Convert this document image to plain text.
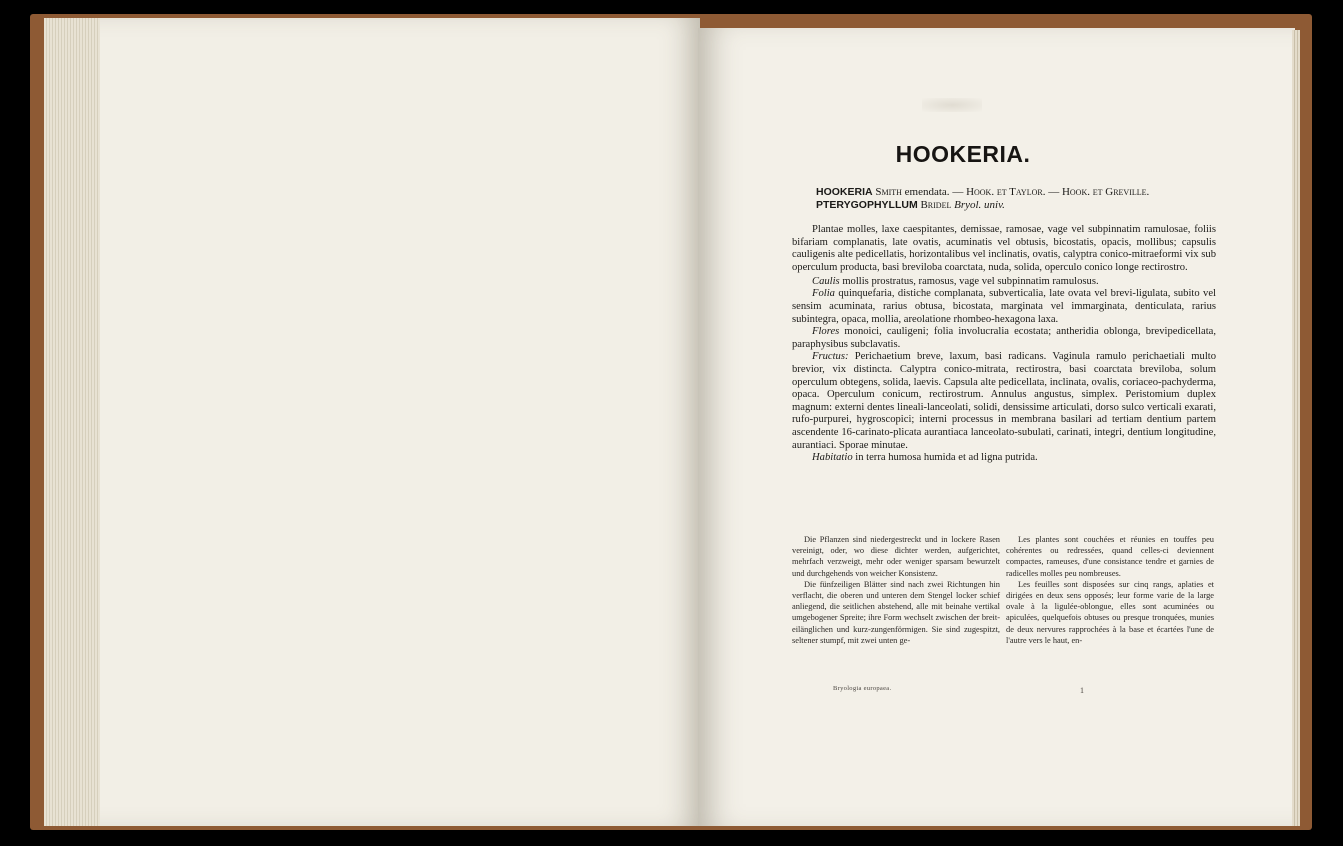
HOOKERIA.
HOOKERIA Smith emendata. — Hook. et Taylor. — Hook. et Greville.
PTERYGOPHYLLUM Bridel Bryol. univ.

Plantae molles, laxe caespitantes, demissae, ramosae, vage vel subpinnatim ramulosae, foliis bifariam complanatis, late ovatis, acuminatis vel obtusis, bicostatis, opacis, mollibus; capsulis cauligenis alte pedicellatis, horizontalibus vel inclinatis, ovatis, calyptra conico-mitraeformi vix sub operculum producta, basi breviloba coarctata, nuda, solida, operculo conico longe rectirostro.

Caulis mollis prostratus, ramosus, vage vel subpinnatim ramulosus.

Folia quinquefaria, distiche complanata, subverticalia, late ovata vel brevi-ligulata, subito vel sensim acuminata, rarius obtusa, bicostata, marginata vel immarginata, denticulata, rarius subintegra, opaca, mollia, areolatione rhombeo-hexagona laxa.

Flores monoici, cauligeni; folia involucralia ecostata; antheridia oblonga, brevipedicellata, paraphysibus subclavatis.

Fructus: Perichaetium breve, laxum, basi radicans. Vaginula ramulo perichaetiali multo brevior, vix distincta. Calyptra conico-mitrata, rectirostra, basi coarctata breviloba, solum operculum obtegens, solida, laevis. Capsula alte pedicellata, inclinata, ovalis, coriaceo-pachyderma, opaca. Operculum conicum, rectirostrum. Annulus angustus, simplex. Peristomium duplex magnum: externi dentes lineali-lanceolati, solidi, densissime articulati, dorso sulco verticali exarati, rufo-purpurei, hygroscopici; interni processus in membrana basilari ad tertiam dentium partem ascendente 16-carinato-plicata aurantiaca lanceolato-subulati, carinati, integri, dentium longitudine, aurantiaci. Sporae minutae.

Habitatio in terra humosa humida et ad ligna putrida.

Die Pflanzen sind niedergestreckt und in lockere Rasen vereinigt, oder, wo diese dichter werden, aufgerichtet, mehrfach verzweigt, mehr oder weniger sparsam bewurzelt und durchgehends von weicher Konsistenz.

Die fünfzeiligen Blätter sind nach zwei Richtungen hin verflacht, die oberen und unteren dem Stengel locker schief anliegend, die seitlichen abstehend, alle mit beinahe vertikal umgebogener Spreite; ihre Form wechselt zwischen der breit-eilänglichen und kurz-zungenförmigen. Sie sind zugespitzt, seltener stumpf, mit zwei unten ge-

Les plantes sont couchées et réunies en touffes peu cohérentes ou redressées, quand celles-ci deviennent compactes, rameuses, d'une consistance tendre et garnies de radicelles molles peu nombreuses.

Les feuilles sont disposées sur cinq rangs, aplaties et dirigées en deux sens opposés; leur forme varie de la large ovale à la ligulée-oblongue, elles sont acuminées ou apiculées, quelquefois obtuses ou presque tronquées, munies de deux nervures rapprochées à la base et écartées l'une de l'autre vers le haut, en-

Bryologia europaea.	1
